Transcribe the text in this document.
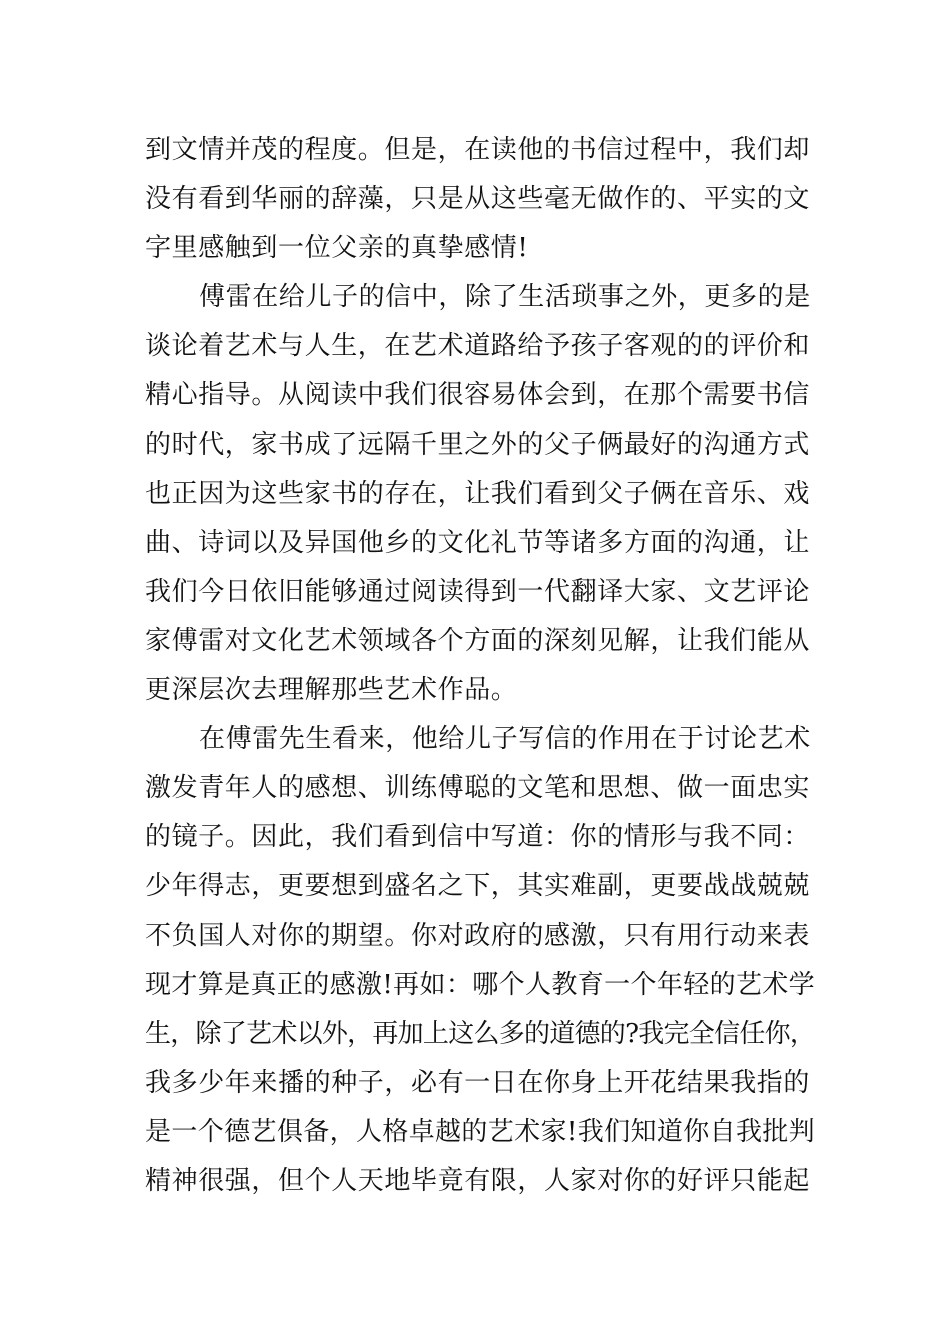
到文情并茂的程度。但是，在读他的书信过程中，我们却
没有看到华丽的辞藻，只是从这些毫无做作的、平实的文
字里感触到一位父亲的真挚感情!
傅雷在给儿子的信中，除了生活琐事之外，更多的是
谈论着艺术与人生，在艺术道路给予孩子客观的的评价和
精心指导。从阅读中我们很容易体会到，在那个需要书信
的时代，家书成了远隔千里之外的父子俩最好的沟通方式
也正因为这些家书的存在，让我们看到父子俩在音乐、戏
曲、诗词以及异国他乡的文化礼节等诸多方面的沟通，让
我们今日依旧能够通过阅读得到一代翻译大家、文艺评论
家傅雷对文化艺术领域各个方面的深刻见解，让我们能从
更深层次去理解那些艺术作品。
在傅雷先生看来，他给儿子写信的作用在于讨论艺术
激发青年人的感想、训练傅聪的文笔和思想、做一面忠实
的镜子。因此，我们看到信中写道：你的情形与我不同：
少年得志，更要想到盛名之下，其实难副，更要战战兢兢
不负国人对你的期望。你对政府的感激，只有用行动来表
现才算是真正的感激!再如：哪个人教育一个年轻的艺术学
生，除了艺术以外，再加上这么多的道德的?我完全信任你，
我多少年来播的种子，必有一日在你身上开花结果我指的
是一个德艺俱备，人格卓越的艺术家!我们知道你自我批判
精神很强，但个人天地毕竟有限，人家对你的好评只能起
